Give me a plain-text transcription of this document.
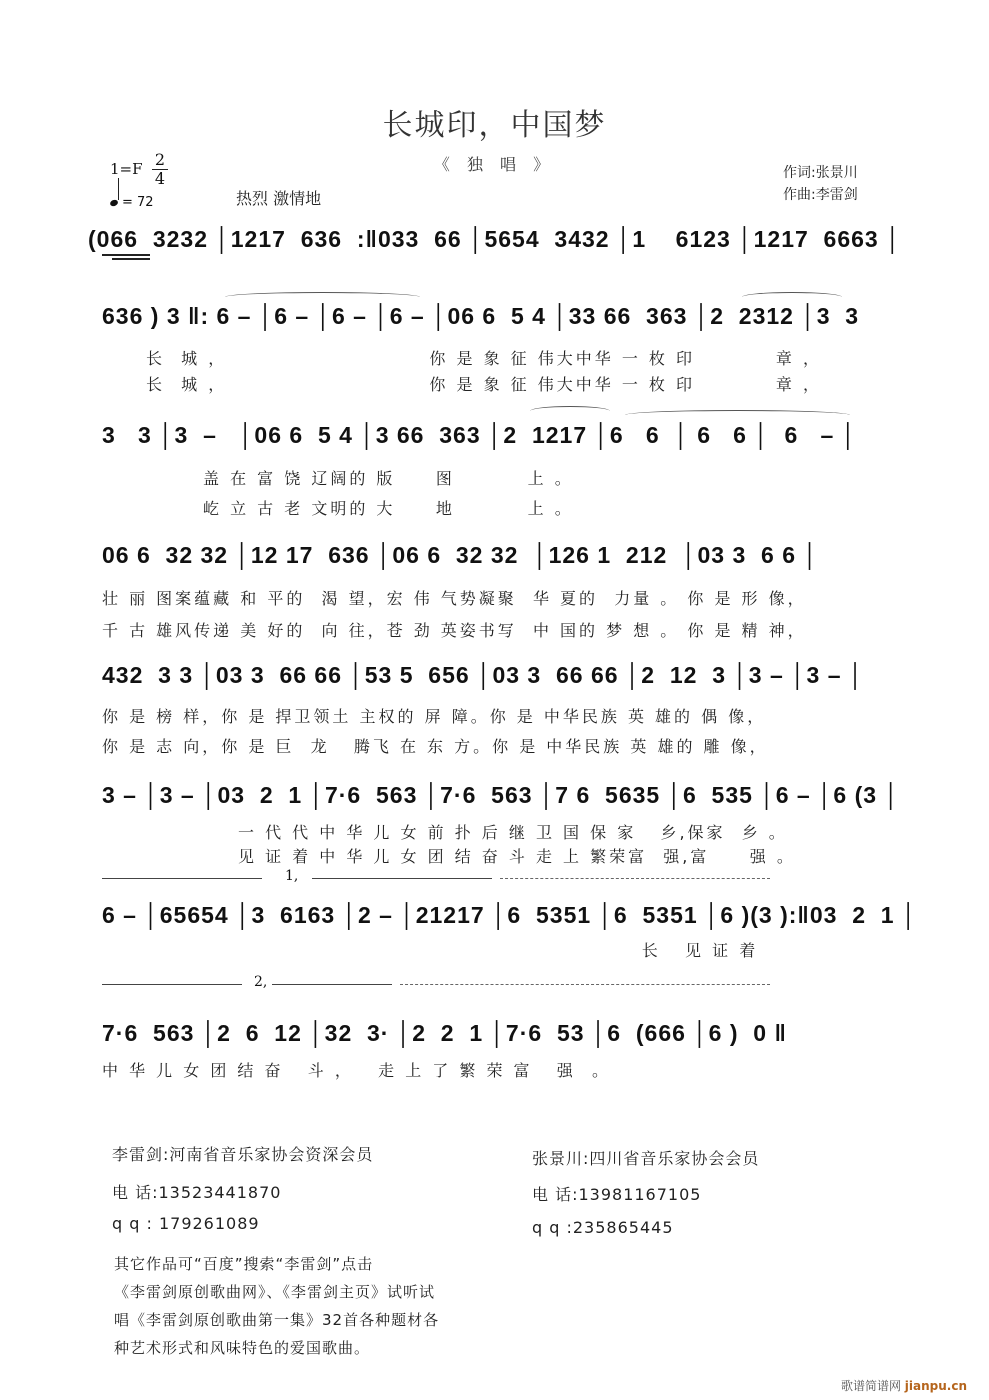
长城印，中国梦
《 独 唱 》	作词:张景川
作曲:李雷剑
1=F 2
4
= 72	热烈 激情地
(066  3232 │1217  636  :‖033  66 │5654  3432 │1    6123 │1217  6663 │
636 ) 3 ‖: 6 – │6 – │6 – │6 – │06 6  5 4 │33 66  363 │2  2312 │3  3
长  城 ，                         你 是 象 征 伟大中华 一 枚 印          章 ，
长  城 ，                         你 是 象 征 伟大中华 一 枚 印          章 ，
3   3 │3  –   │06 6  5 4 │3 66  363 │2  1217 │6   6  │ 6   6 │  6   – │
盖 在 富 饶 辽阔的 版     图         上 。
屹 立 古 老 文明的 大     地         上 。
06 6  32 32 │12 17  636 │06 6  32 32  │126 1  212  │03 3  6 6 │
壮 丽 图案蕴藏 和 平的  渴 望，宏 伟 气势凝聚  华 夏的  力量 。 你 是 形 像，
千 古 雄风传递 美 好的  向 往，苍 劲 英姿书写  中 国的 梦 想 。 你 是 精 神，
432  3 3 │03 3  66 66 │53 5  656 │03 3  66 66 │2  12  3 │3 – │3 – │
你 是 榜 样，你 是 捍卫领土 主权的 屏 障。你 是 中华民族 英 雄的 偶 像，
你 是 志 向，你 是 巨  龙   腾飞 在 东 方。你 是 中华民族 英 雄的 雕 像，
3 – │3 – │03  2  1 │7·6  563 │7·6  563 │7 6  5635 │6  535 │6 – │6 (3 │
一 代 代 中 华 儿 女 前 扑 后 继 卫 国 保 家   乡,保家  乡 。
见 证 着 中 华 儿 女 团 结 奋 斗 走 上 繁荣富  强,富     强 。
1,
6 – │65654 │3  6163 │2 – │21217 │6  5351 │6  5351 │6 )(3 ):‖03  2  1 │
长   见 证 着
2,
7·6  563 │2  6  12 │32  3· │2  2  1 │7·6  53 │6  (666 │6 )  0 ‖
中 华 儿 女 团 结 奋   斗 ，   走 上 了 繁 荣 富   强  。
李雷剑:河南省音乐家协会资深会员
电 话:13523441870
q q : 179261089
张景川:四川省音乐家协会会员
电 话:13981167105
q q :235865445
其它作品可“百度”搜索“李雷剑”点击
《李雷剑原创歌曲网》、《李雷剑主页》试听试
唱《李雷剑原创歌曲第一集》32首各种题材各
种艺术形式和风味特色的爱国歌曲。
歌谱简谱网 jianpu.cn
